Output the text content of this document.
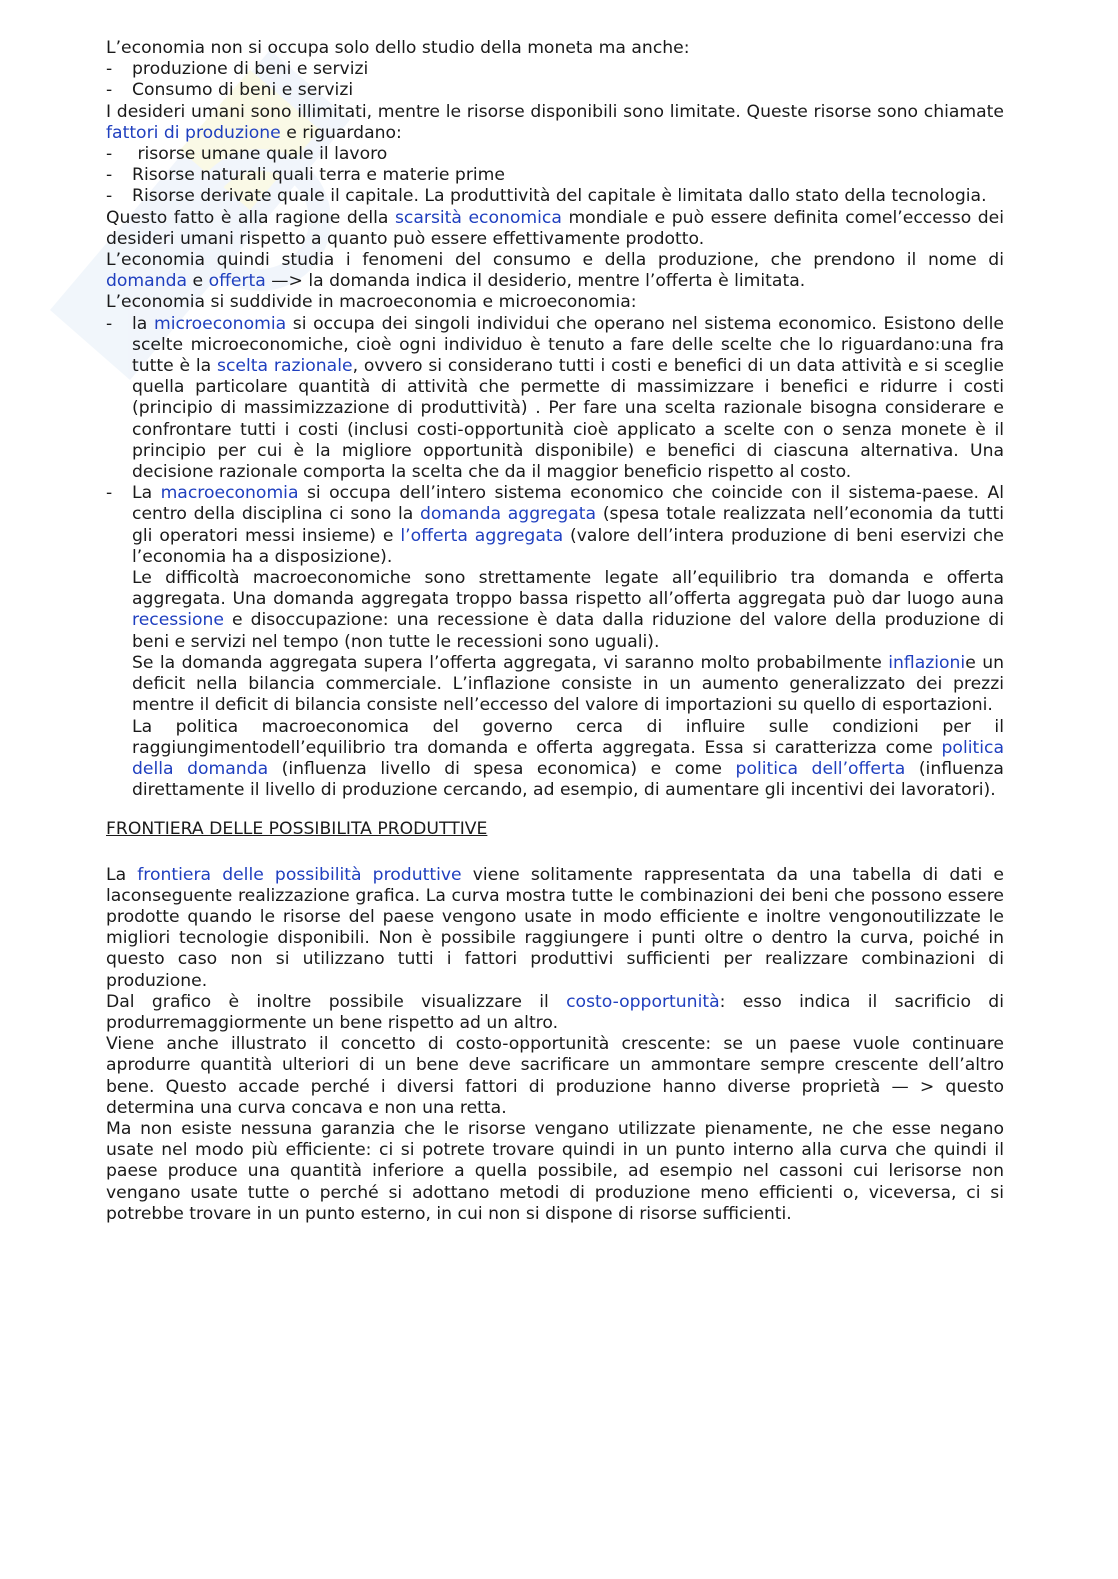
L’economia non si occupa solo dello studio della moneta ma anche:

-	produzione di beni e servizi
-	Consumo di beni e servizi

I desideri umani sono illimitati, mentre le risorse disponibili sono limitate. Queste risorse sono chiamate fattori di produzione e riguardano:

-	risorse umane quale il lavoro
-	Risorse naturali quali terra e materie prime
-	Risorse derivate quale il capitale. La produttività del capitale è limitata dallo stato della tecnologia.

Questo fatto è alla ragione della scarsità economica mondiale e può essere definita comel’eccesso dei desideri umani rispetto a quanto può essere effettivamente prodotto.

L’economia quindi studia i fenomeni del consumo e della produzione, che prendono il nome di domanda e offerta —> la domanda indica il desiderio, mentre l’offerta è limitata.

L’economia si suddivide in macroeconomia e microeconomia:

-	la microeconomia si occupa dei singoli individui che operano nel sistema economico. Esistono delle scelte microeconomiche, cioè ogni individuo è tenuto a fare delle scelte che lo riguardano:una fra tutte è la scelta razionale, ovvero si considerano tutti i costi e benefici di un data attività e si sceglie quella particolare quantità di attività che permette di massimizzare i benefici e ridurre i costi (principio di massimizzazione di produttività) . Per fare una scelta razionale bisogna considerare e confrontare tutti i costi (inclusi costi-opportunità cioè applicato a scelte con o senza monete è il principio per cui è la migliore opportunità disponibile) e benefici di ciascuna alternativa. Una decisione razionale comporta la scelta che da il maggior beneficio rispetto al costo.

-	La macroeconomia si occupa dell’intero sistema economico che coincide con il sistema-paese. Al centro della disciplina ci sono la domanda aggregata (spesa totale realizzata nell’economia da tutti gli operatori messi insieme) e l’offerta aggregata (valore dell’intera produzione di beni eservizi che l’economia ha a disposizione).

Le difficoltà macroeconomiche sono strettamente legate all’equilibrio tra domanda e offerta aggregata. Una domanda aggregata troppo bassa rispetto all’offerta aggregata può dar luogo auna recessione e disoccupazione: una recessione è data dalla riduzione del valore della produzione di beni e servizi nel tempo (non tutte le recessioni sono uguali).

Se la domanda aggregata supera l’offerta aggregata, vi saranno molto probabilmente inflazionie un deficit nella bilancia commerciale. L’inflazione consiste in un aumento generalizzato dei prezzi mentre il deficit di bilancia consiste nell’eccesso del valore di importazioni su quello di esportazioni.

La politica macroeconomica del governo cerca di influire sulle condizioni per il raggiungimentodell’equilibrio tra domanda e offerta aggregata. Essa si caratterizza come politica della domanda (influenza livello di spesa economica) e come politica dell’offerta (influenza direttamente il livello di produzione cercando, ad esempio, di aumentare gli incentivi dei lavoratori).

FRONTIERA DELLE POSSIBILITA PRODUTTIVE

La frontiera delle possibilità produttive viene solitamente rappresentata da una tabella di dati e laconseguente realizzazione grafica. La curva mostra tutte le combinazioni dei beni che possono essere prodotte quando le risorse del paese vengono usate in modo efficiente e inoltre vengonoutilizzate le migliori tecnologie disponibili. Non è possibile raggiungere i punti oltre o dentro la curva, poiché in questo caso non si utilizzano tutti i fattori produttivi sufficienti per realizzare combinazioni di produzione.

Dal grafico è inoltre possibile visualizzare il costo-opportunità: esso indica il sacrificio di produrremaggiormente un bene rispetto ad un altro.

Viene anche illustrato il concetto di costo-opportunità crescente: se un paese vuole continuare aprodurre quantità ulteriori di un bene deve sacrificare un ammontare sempre crescente dell’altro bene. Questo accade perché i diversi fattori di produzione hanno diverse proprietà — > questo determina una curva concava e non una retta.

Ma non esiste nessuna garanzia che le risorse vengano utilizzate pienamente, ne che esse negano usate nel modo più efficiente: ci si potrete trovare quindi in un punto interno alla curva che quindi il paese produce una quantità inferiore a quella possibile, ad esempio nel cassoni cui lerisorse non vengano usate tutte o perché si adottano metodi di produzione meno efficienti o, viceversa, ci si potrebbe trovare in un punto esterno, in cui non si dispone di risorse sufficienti.
